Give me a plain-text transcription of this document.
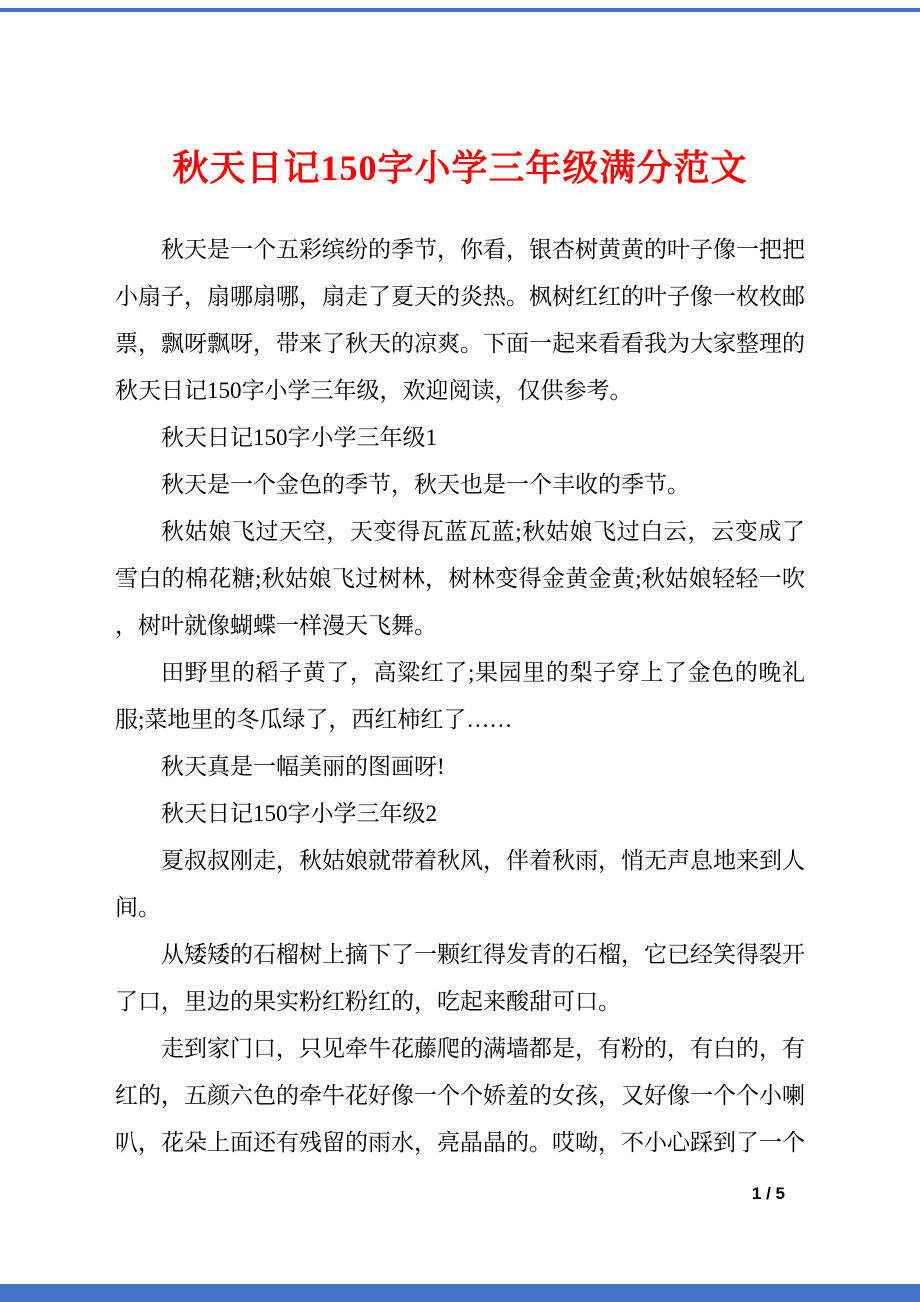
秋天日记150字小学三年级满分范文

秋天是一个五彩缤纷的季节，你看，银杏树黄黄的叶子像一把把小扇子，扇哪扇哪，扇走了夏天的炎热。枫树红红的叶子像一枚枚邮票，飘呀飘呀，带来了秋天的凉爽。下面一起来看看我为大家整理的秋天日记150字小学三年级，欢迎阅读，仅供参考。

秋天日记150字小学三年级1

秋天是一个金色的季节，秋天也是一个丰收的季节。

秋姑娘飞过天空，天变得瓦蓝瓦蓝;秋姑娘飞过白云，云变成了雪白的棉花糖;秋姑娘飞过树林，树林变得金黄金黄;秋姑娘轻轻一吹，树叶就像蝴蝶一样漫天飞舞。

田野里的稻子黄了，高粱红了;果园里的梨子穿上了金色的晚礼服;菜地里的冬瓜绿了，西红柿红了……

秋天真是一幅美丽的图画呀!

秋天日记150字小学三年级2

夏叔叔刚走，秋姑娘就带着秋风，伴着秋雨，悄无声息地来到人间。

从矮矮的石榴树上摘下了一颗红得发青的石榴，它已经笑得裂开了口，里边的果实粉红粉红的，吃起来酸甜可口。

走到家门口，只见牵牛花藤爬的满墙都是，有粉的，有白的，有红的，五颜六色的牵牛花好像一个个娇羞的女孩，又好像一个个小喇叭，花朵上面还有残留的雨水，亮晶晶的。哎呦，不小心踩到了一个

1 / 5
